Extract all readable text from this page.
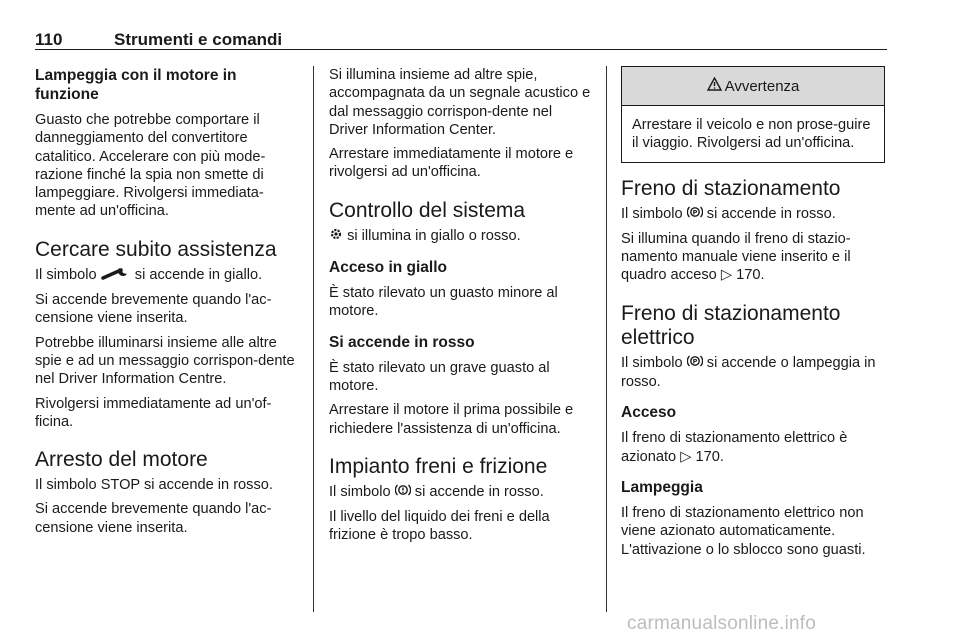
110	Strumenti e comandi
Lampeggia con il motore in funzione

Guasto che potrebbe comportare il danneggiamento del convertitore catalitico. Accelerare con più mode-razione finché la spia non smette di lampeggiare. Rivolgersi immediata-mente ad un'officina.

Cercare subito assistenza

Il simbolo	si accende in giallo.

Si accende brevemente quando l'ac-censione viene inserita.

Potrebbe illuminarsi insieme alle altre spie e ad un messaggio corrispon-dente nel Driver Information Centre.

Rivolgersi immediatamente ad un'of-ficina.

Arresto del motore

Il simbolo STOP si accende in rosso.

Si accende brevemente quando l'ac-censione viene inserita.

Si illumina insieme ad altre spie, accompagnata da un segnale acustico e dal messaggio corrispon-dente nel Driver Information Center.

Arrestare immediatamente il motore e rivolgersi ad un'officina.

Controllo del sistema

si illumina in giallo o rosso.

Acceso in giallo

È stato rilevato un guasto minore al motore.

Si accende in rosso

È stato rilevato un grave guasto al motore.

Arrestare il motore il prima possibile e richiedere l'assistenza di un'officina.

Impianto freni e frizione

Il simbolo si accende in rosso.

Il livello del liquido dei freni e della frizione è tropo basso.

Avvertenza

Arrestare il veicolo e non prose-guire il viaggio. Rivolgersi ad un'officina.

Freno di stazionamento

Il simbolo P si accende in rosso.

Si illumina quando il freno di stazio-namento manuale viene inserito e il quadro acceso ▷ 170.

Freno di stazionamento elettrico

Il simbolo P si accende o lampeggia in rosso.

Acceso

Il freno di stazionamento elettrico è azionato ▷ 170.

Lampeggia

Il freno di stazionamento elettrico non viene azionato automaticamente. L'attivazione o lo sblocco sono guasti.

carmanualsonline.info
